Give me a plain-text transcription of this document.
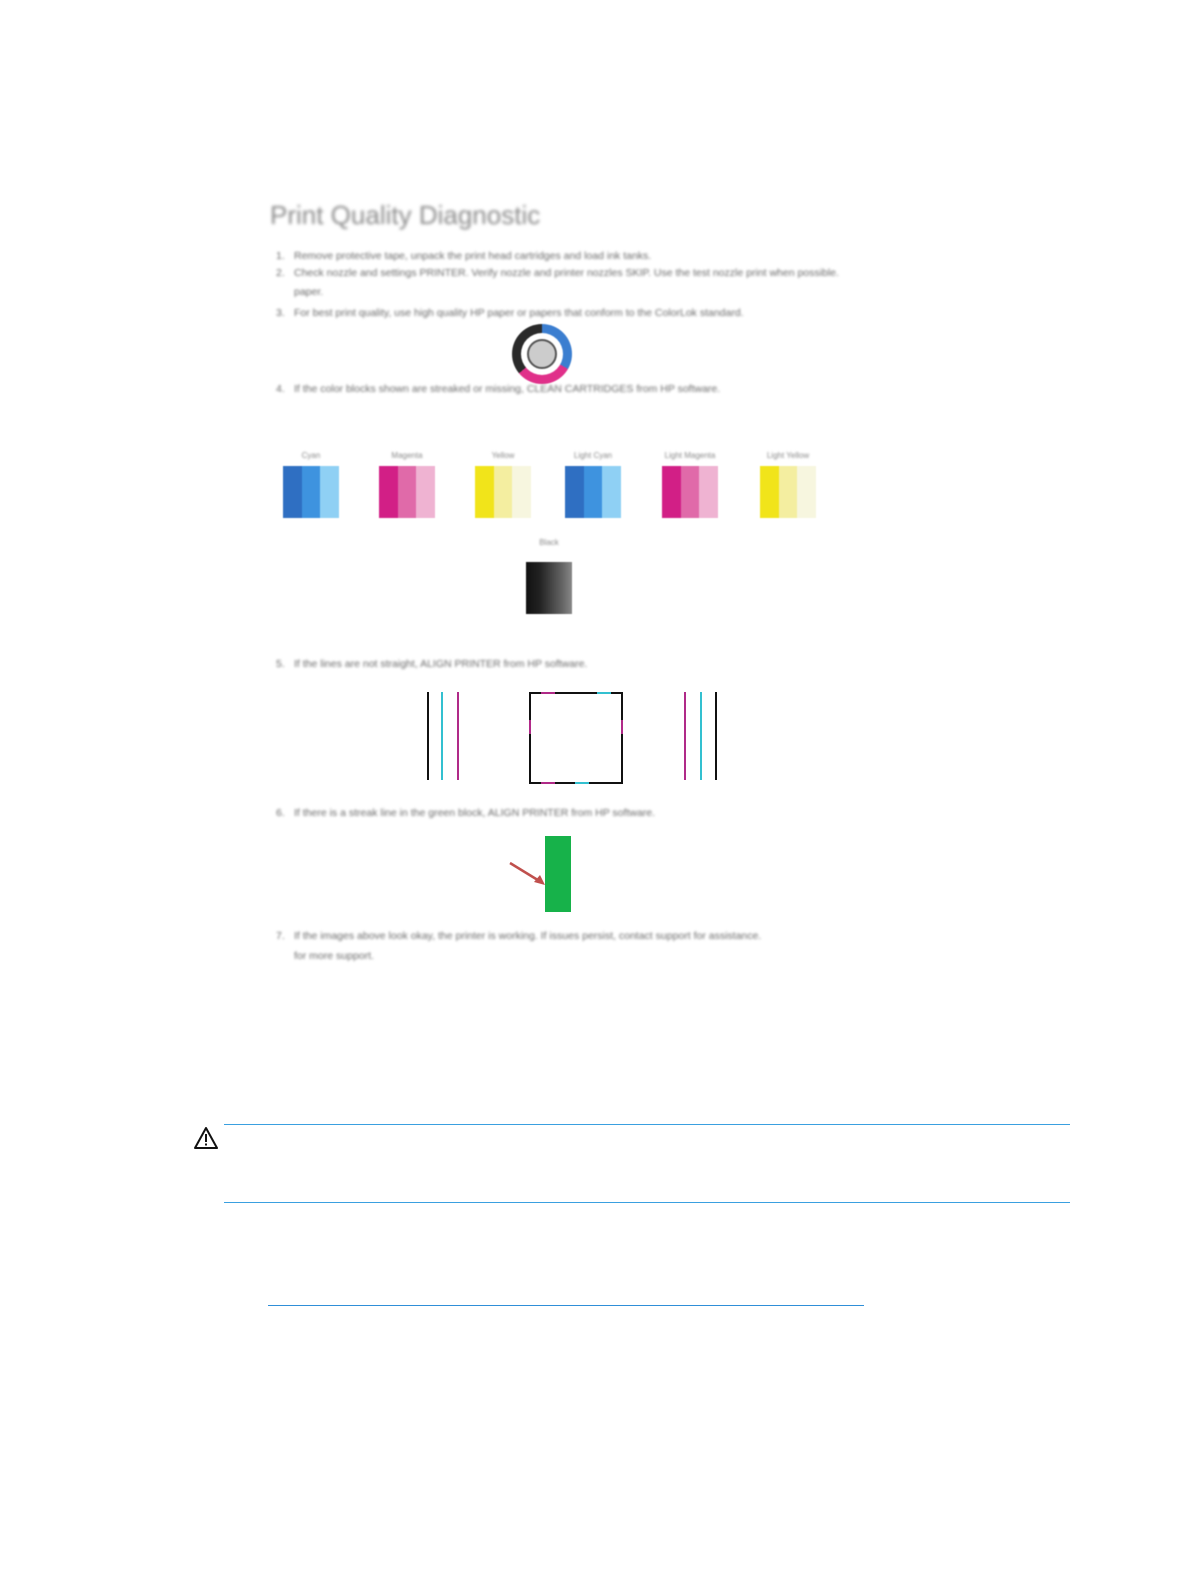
Print Quality Diagnostic
1. Remove protective tape, unpack the print head cartridges and load ink tanks.
2. Check nozzle and settings PRINTER. Verify nozzle and printer nozzles SKIP. Use the test nozzle print when possible.
paper.
3. For best print quality, use high quality HP paper or papers that conform to the ColorLok standard.
4. If the color blocks shown are streaked or missing, CLEAN CARTRIDGES from HP software.
Cyan	Magenta	Yellow	Light Cyan	Light Magenta	Light Yellow
Black
5. If the lines are not straight, ALIGN PRINTER from HP software.
6. If there is a streak line in the green block, ALIGN PRINTER from HP software.
7. If the images above look okay, the printer is working. If issues persist, contact support for assistance.
for more support.
